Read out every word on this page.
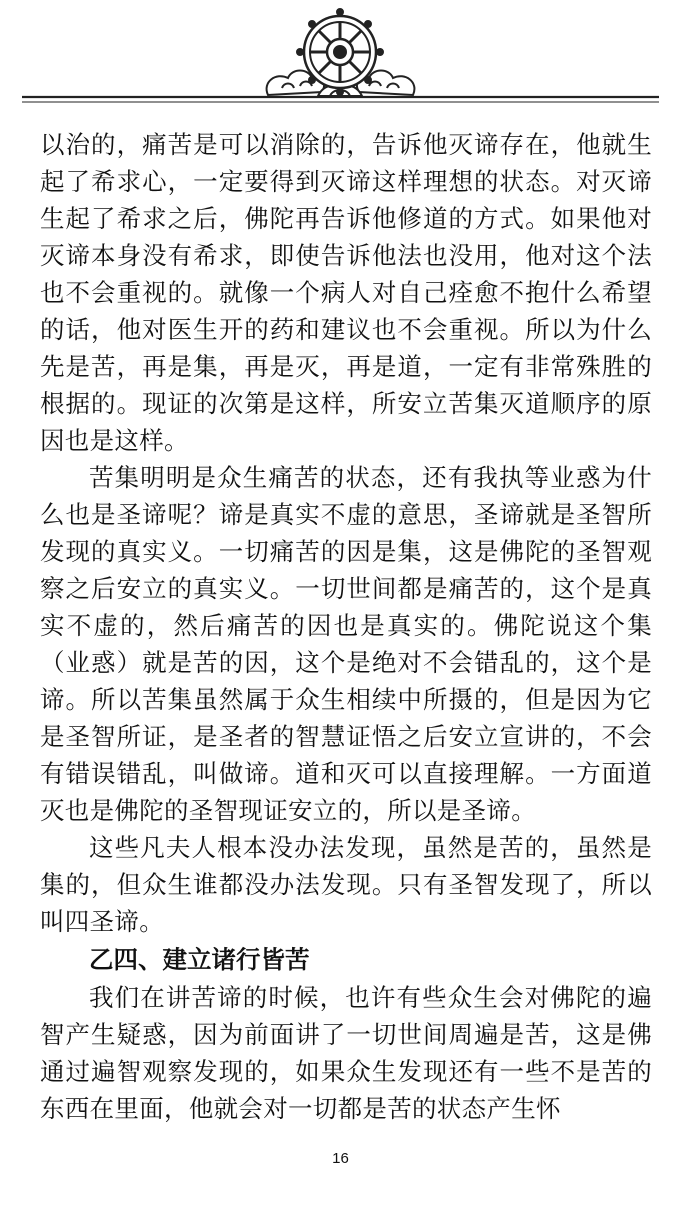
以治的，痛苦是可以消除的，告诉他灭谛存在，他就生起了希求心，一定要得到灭谛这样理想的状态。对灭谛生起了希求之后，佛陀再告诉他修道的方式。如果他对灭谛本身没有希求，即使告诉他法也没用，他对这个法也不会重视的。就像一个病人对自己痊愈不抱什么希望的话，他对医生开的药和建议也不会重视。所以为什么先是苦，再是集，再是灭，再是道，一定有非常殊胜的根据的。现证的次第是这样，所安立苦集灭道顺序的原因也是这样。

苦集明明是众生痛苦的状态，还有我执等业惑为什么也是圣谛呢？谛是真实不虚的意思，圣谛就是圣智所发现的真实义。一切痛苦的因是集，这是佛陀的圣智观察之后安立的真实义。一切世间都是痛苦的，这个是真实不虚的，然后痛苦的因也是真实的。佛陀说这个集（业惑）就是苦的因，这个是绝对不会错乱的，这个是谛。所以苦集虽然属于众生相续中所摄的，但是因为它是圣智所证，是圣者的智慧证悟之后安立宣讲的，不会有错误错乱，叫做谛。道和灭可以直接理解。一方面道灭也是佛陀的圣智现证安立的，所以是圣谛。

这些凡夫人根本没办法发现，虽然是苦的，虽然是集的，但众生谁都没办法发现。只有圣智发现了，所以叫四圣谛。

乙四、建立诸行皆苦

我们在讲苦谛的时候，也许有些众生会对佛陀的遍智产生疑惑，因为前面讲了一切世间周遍是苦，这是佛通过遍智观察发现的，如果众生发现还有一些不是苦的东西在里面，他就会对一切都是苦的状态产生怀

16
